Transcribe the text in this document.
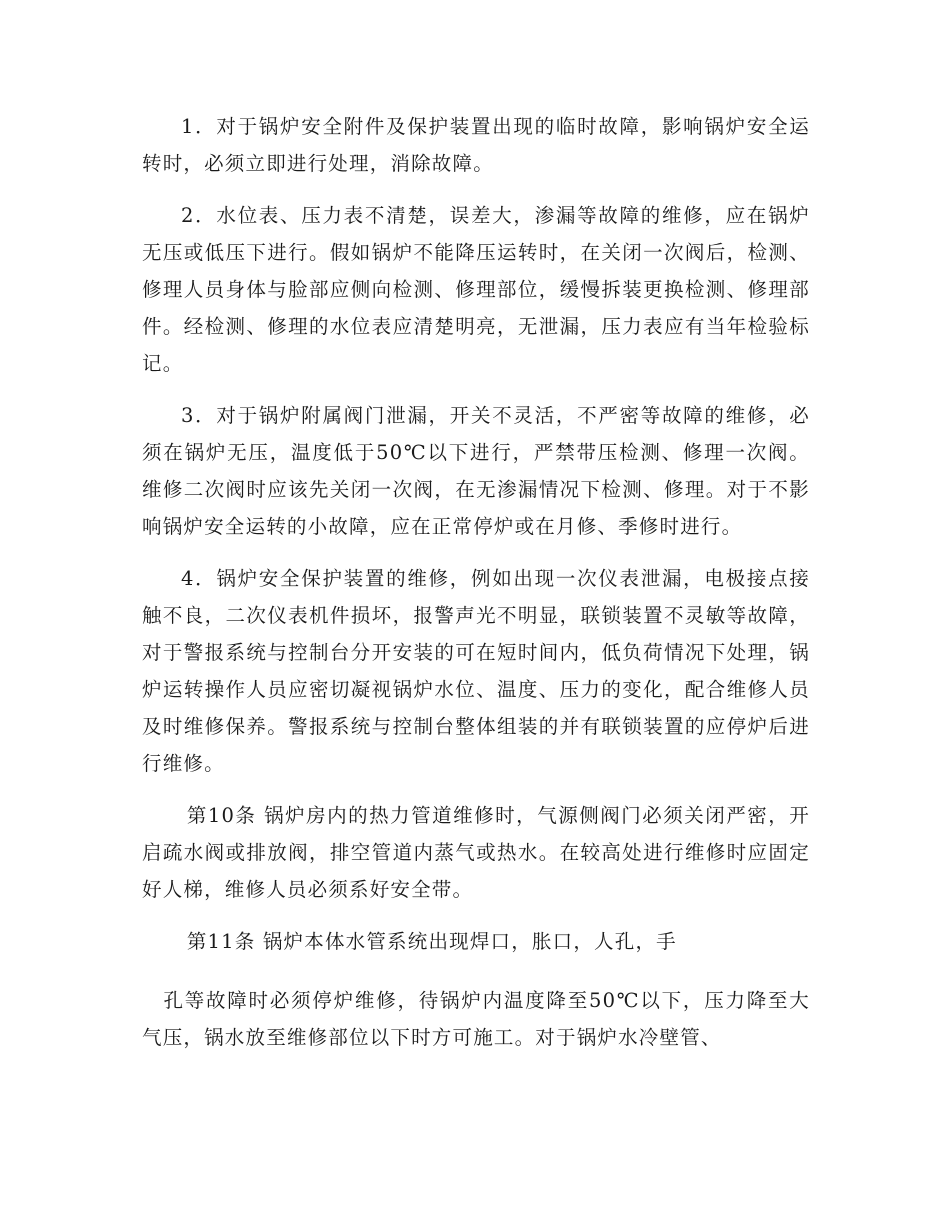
1．对于锅炉安全附件及保护装置出现的临时故障，影响锅炉安全运转时，必须立即进行处理，消除故障。

2．水位表、压力表不清楚，误差大，渗漏等故障的维修，应在锅炉无压或低压下进行。假如锅炉不能降压运转时，在关闭一次阀后，检测、修理人员身体与脸部应侧向检测、修理部位，缓慢拆装更换检测、修理部件。经检测、修理的水位表应清楚明亮，无泄漏，压力表应有当年检验标记。

3．对于锅炉附属阀门泄漏，开关不灵活，不严密等故障的维修，必须在锅炉无压，温度低于50℃以下进行，严禁带压检测、修理一次阀。维修二次阀时应该先关闭一次阀，在无渗漏情况下检测、修理。对于不影响锅炉安全运转的小故障，应在正常停炉或在月修、季修时进行。

4．锅炉安全保护装置的维修，例如出现一次仪表泄漏，电极接点接触不良，二次仪表机件损坏，报警声光不明显，联锁装置不灵敏等故障，对于警报系统与控制台分开安装的可在短时间内，低负荷情况下处理，锅炉运转操作人员应密切凝视锅炉水位、温度、压力的变化，配合维修人员及时维修保养。警报系统与控制台整体组装的并有联锁装置的应停炉后进行维修。

第10条 锅炉房内的热力管道维修时，气源侧阀门必须关闭严密，开启疏水阀或排放阀，排空管道内蒸气或热水。在较高处进行维修时应固定好人梯，维修人员必须系好安全带。

第11条 锅炉本体水管系统出现焊口，胀口，人孔，手

孔等故障时必须停炉维修，待锅炉内温度降至50℃以下，压力降至大气压，锅水放至维修部位以下时方可施工。对于锅炉水冷壁管、
